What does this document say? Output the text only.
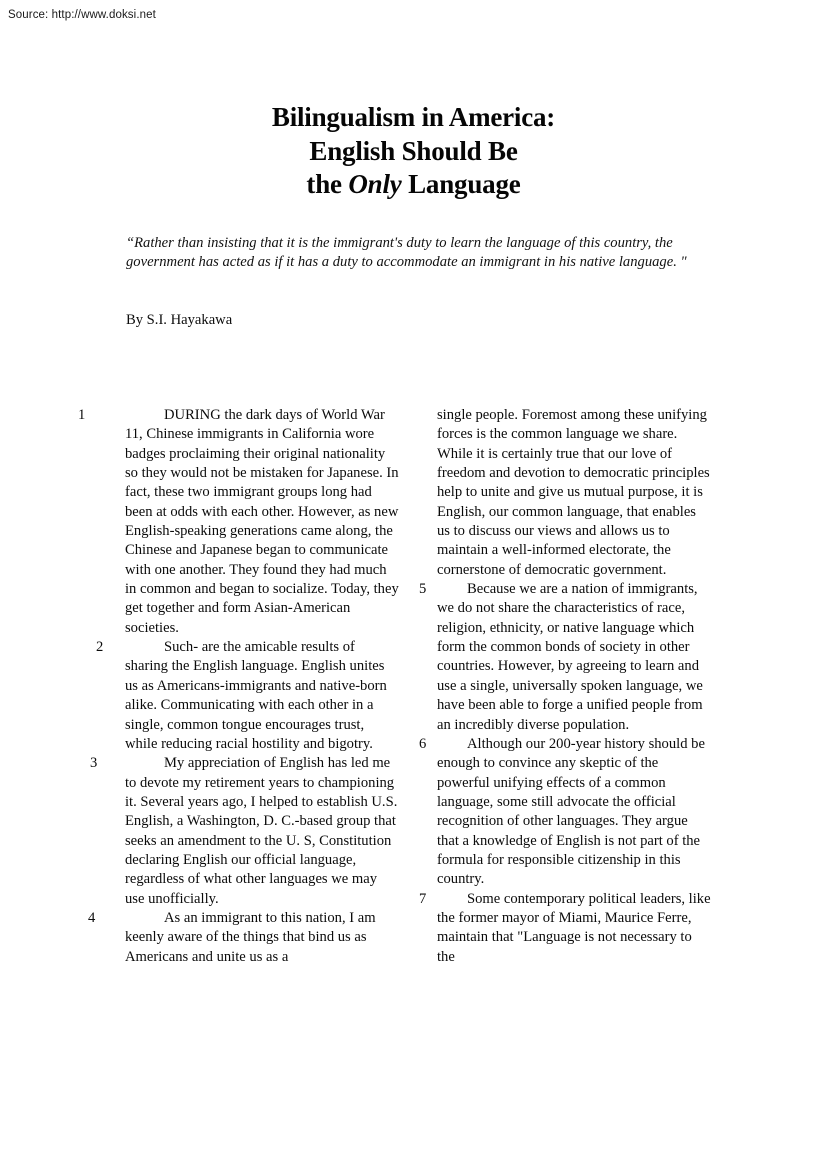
Source: http://www.doksi.net
Bilingualism in America:
English Should Be
the Only Language
“Rather than insisting that it is the immigrant's duty to learn the language of this country, the government has acted as if it has a duty to accommodate an immigrant in his native language. "
By S.I. Hayakawa
1	DURING the dark days of World War 11, Chinese immigrants in California wore badges proclaiming their original nationality so they would not be mistaken for Japanese. In fact, these two immigrant groups long had been at odds with each other. However, as new English-speaking generations came along, the Chinese and Japanese began to communicate with one another. They found they had much in common and began to socialize. Today, they get together and form Asian-American societies.
2	Such- are the amicable results of sharing the English language. English unites us as Americans-immigrants and native-born alike. Communicating with each other in a single, common tongue encourages trust, while reducing racial hostility and bigotry.
3	My appreciation of English has led me to devote my retirement years to championing it. Several years ago, I helped to establish U.S. English, a Washington, D. C.-based group that seeks an amendment to the U. S, Constitution declaring English our official language, regardless of what other languages we may use unofficially.
4	As an immigrant to this nation, I am keenly aware of the things that bind us as Americans and unite us as a
single people. Foremost among these unifying forces is the common language we share. While it is certainly true that our love of freedom and devotion to democratic principles help to unite and give us mutual purpose, it is English, our common language, that enables us to discuss our views and allows us to maintain a well-informed electorate, the cornerstone of democratic government.
5	Because we are a nation of immigrants, we do not share the characteristics of race, religion, ethnicity, or native language which form the common bonds of society in other countries. However, by agreeing to learn and use a single, universally spoken language, we have been able to forge a unified people from an incredibly diverse population.
6	Although our 200-year history should be enough to convince any skeptic of the powerful unifying effects of a common language, some still advocate the official recognition of other languages. They argue that a knowledge of English is not part of the formula for responsible citizenship in this country.
7	Some contemporary political leaders, like the former mayor of Miami, Maurice Ferre, maintain that "Language is not necessary to the
